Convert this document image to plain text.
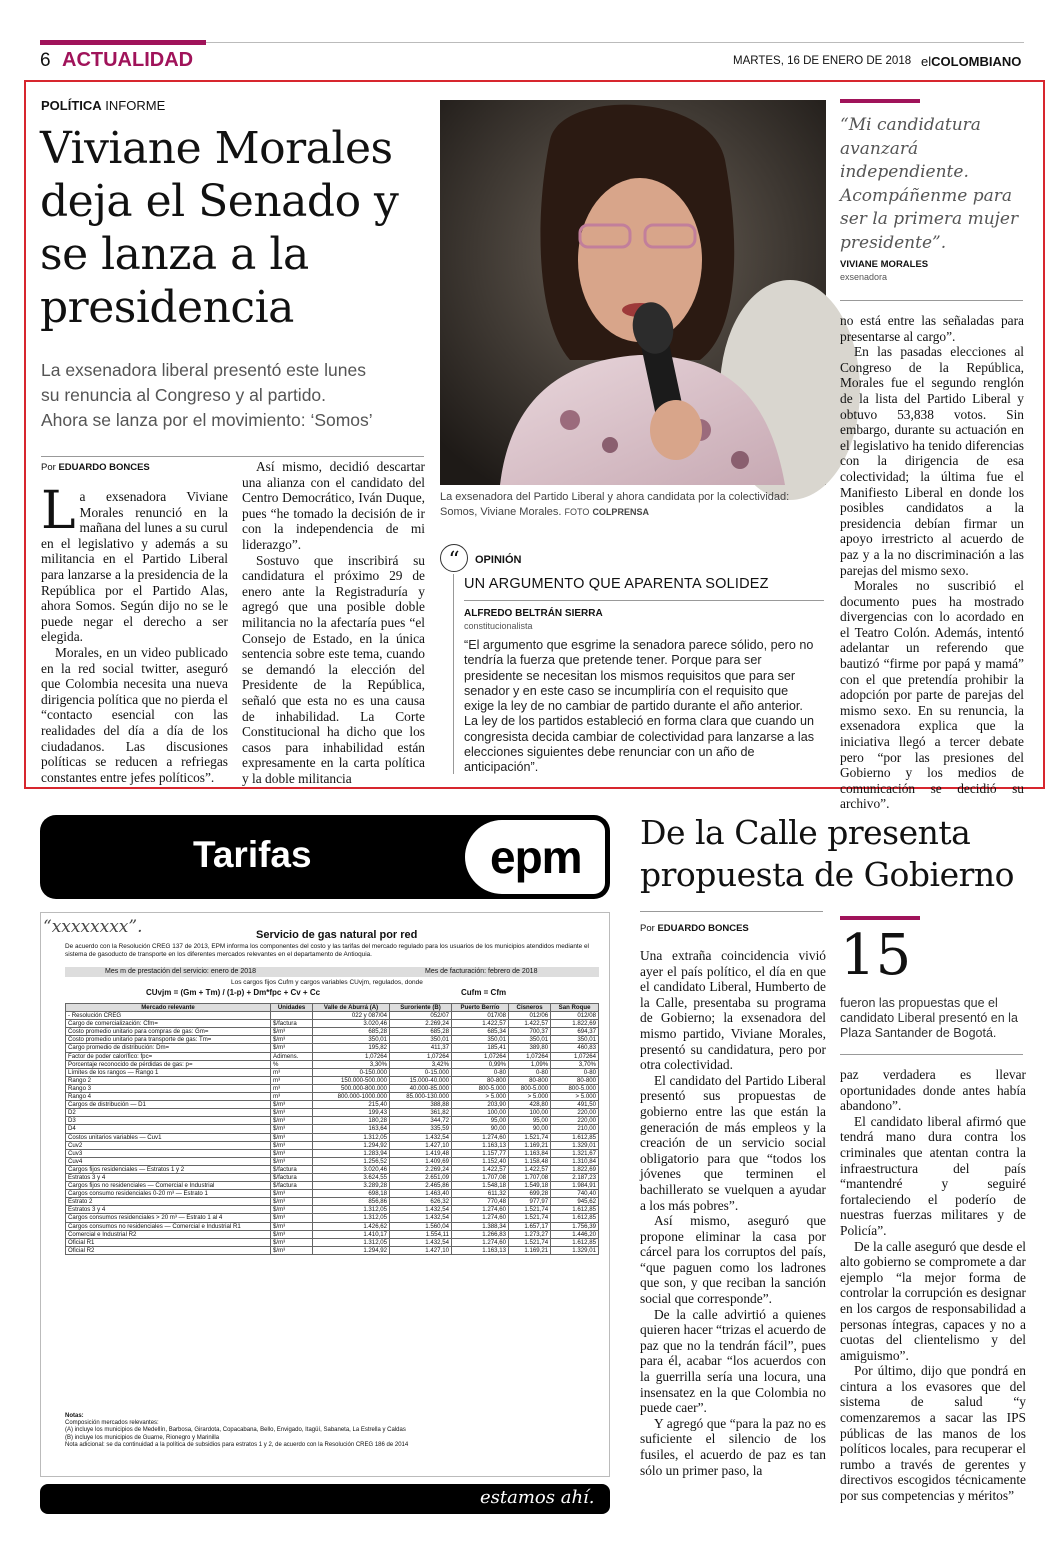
6 ACTUALIDAD	MARTES, 16 DE ENERO DE 2018 elCOLOMBIANO
POLÍTICA INFORME
Viviane Morales
deja el Senado y
se lanza a la
presidencia
La exsenadora liberal presentó este lunes
su renuncia al Congreso y al partido.
Ahora se lanza por el movimiento: ‘Somos’
Por EDUARDO BONCES
L a exsenadora Viviane Morales renunció en la mañana del lunes a su curul en el legislativo y además a su militancia en el Partido Liberal para lanzarse a la presidencia de la República por el Partido Alas, ahora Somos. Según dijo no se le puede negar el derecho a ser elegida.

Morales, en un video publicado en la red social twitter, aseguró que Colombia necesita una nueva dirigencia política que no pierda el “contacto esencial con las realidades del día a día de los ciudadanos. Las discusiones políticas se reducen a refriegas constantes entre jefes políticos”.

Así mismo, decidió descartar una alianza con el candidato del Centro Democrático, Iván Duque, pues “he tomado la decisión de ir con la independencia de mi liderazgo”.

Sostuvo que inscribirá su candidatura el próximo 29 de enero ante la Registraduría y agregó que una posible doble militancia no la afectaría pues “el Consejo de Estado, en la única sentencia sobre este tema, cuando se demandó la elección del Presidente de la República, señaló que esta no es una causa de inhabilidad. La Corte Constitucional ha dicho que los casos para inhabilidad están expresamente en la carta política y la doble militancia

La exsenadora del Partido Liberal y ahora candidata por la colectividad: Somos, Viviane Morales. FOTO COLPRENSA
“	OPINIÓN
UN ARGUMENTO QUE APARENTA SOLIDEZ
ALFREDO BELTRÁN SIERRA
constitucionalista
“El argumento que esgrime la senadora parece sólido, pero no tendría la fuerza que pretende tener. Porque para ser presidente se necesitan los mismos requisitos que para ser senador y en este caso se incumpliría con el requisito que exige la ley de no cambiar de partido durante el año anterior. La ley de los partidos estableció en forma clara que cuando un congresista decida cambiar de colectividad para lanzarse a las elecciones siguientes debe renunciar con un año de anticipación”.
“Mi candidatura
avanzará
independiente.
Acompáñenme para
ser la primera mujer
presidente”.
VIVIANE MORALES
exsenadora

no está entre las señaladas para presentarse al cargo”.

En las pasadas elecciones al Congreso de la República, Morales fue el segundo renglón de la lista del Partido Liberal y obtuvo 53,838 votos. Sin embargo, durante su actuación en el legislativo ha tenido diferencias con la dirigencia de esa colectividad; la última fue el Manifiesto Liberal en donde los posibles candidatos a la presidencia debían firmar un apoyo irrestricto al acuerdo de paz y a la no discriminación a las parejas del mismo sexo.

Morales no suscribió el documento pues ha mostrado divergencias con lo acordado en el Teatro Colón. Además, intentó adelantar un referendo que bautizó “firme por papá y mamá” con el que pretendía prohibir la adopción por parte de parejas del mismo sexo. En su renuncia, la exsenadora explica que la iniciativa llegó a tercer debate pero “por las presiones del Gobierno y los medios de comunicación se decidió su archivo”.

Tarifas	epm
“xxxxxxxx”.	Servicio de gas natural por red
De acuerdo con la Resolución CREG 137 de 2013, EPM informa los componentes del costo y las tarifas del mercado regulado para los usuarios de los municipios atendidos mediante el sistema de gasoducto de transporte en los diferentes mercados relevantes en el departamento de Antioquia.
Mes m de prestación del servicio: enero de 2018	Mes de facturación: febrero de 2018
Los cargos fijos Cufm y cargos variables CUvjm, regulados, donde
CUvjm = (Gm + Tm) / (1-p) + Dm*fpc + Cv + Cc	Cufm = Cfm
Mercado relevante	Unidades	Valle de Aburrá (A)	Suroriente (B)	Puerto Berrío	Cisneros	San Roque
- Resolución CREG		022 y 087/04	052/07	017/08	012/06	012/08
Cargo de comercialización: Cfm=	$/factura	3.020,46	2.269,24	1.422,57	1.422,57	1.822,69
Costo promedio unitario para compras de gas: Gm=	$/m³	685,28	685,28	685,34	700,37	694,37
Costo promedio unitario para transporte de gas: Tm=	$/m³	350,01	350,01	350,01	350,01	350,01
Cargo promedio de distribución: Dm=	$/m³	195,82	411,37	185,41	389,80	460,83
Factor de poder calorífico: fpc=	Adimens.	1,07264	1,07264	1,07264	1,07264	1,07264
Porcentaje reconocido de pérdidas de gas: p=	%	3,30%	3,42%	0,99%	1,09%	3,70%
Límites de los rangos — Rango 1	m³	0-150.000	0-15.000	0-80	0-80	0-80
Rango 2	m³	150.000-500.000	15.000-40.000	80-800	80-800	80-800
Rango 3	m³	500.000-800.000	40.000-85.000	800-5.000	800-5.000	800-5.000
Rango 4	m³	800.000-1000.000	85.000-130.000	> 5.000	> 5.000	> 5.000
Cargos de distribución — D1	$/m³	215,40	388,88	203,90	428,80	491,50
D2	$/m³	199,43	361,82	100,00	100,00	220,00
D3	$/m³	180,28	344,72	95,00	95,00	220,00
D4	$/m³	163,64	335,59	90,00	90,00	210,00
Costos unitarios variables — Cuv1	$/m³	1.312,05	1.432,54	1.274,60	1.521,74	1.612,85
Cuv2	$/m³	1.294,92	1.427,10	1.163,13	1.169,21	1.329,01
Cuv3	$/m³	1.283,94	1.419,48	1.157,77	1.163,84	1.321,67
Cuv4	$/m³	1.256,52	1.409,69	1.152,40	1.158,48	1.310,84
Cargos fijos residenciales — Estratos 1 y 2	$/factura	3.020,46	2.269,24	1.422,57	1.422,57	1.822,69
Estratos 3 y 4	$/factura	3.624,55	2.651,09	1.707,08	1.707,08	2.187,23
Cargos fijos no residenciales — Comercial e Industrial	$/factura	3.289,28	2.465,86	1.548,18	1.549,18	1.984,91
Cargos consumo residenciales 0-20 m³ — Estrato 1	$/m³	698,18	1.463,40	611,32	699,28	740,40
Estrato 2	$/m³	856,86	626,32	770,48	977,97	945,62
Estratos 3 y 4	$/m³	1.312,05	1.432,54	1.274,60	1.521,74	1.612,85
Cargos consumos residenciales > 20 m³ — Estrato 1 al 4	$/m³	1.312,05	1.432,54	1.274,60	1.521,74	1.612,85
Cargos consumos no residenciales — Comercial e Industrial R1	$/m³	1.426,62	1.560,04	1.388,34	1.657,17	1.756,39
Comercial e Industrial R2	$/m³	1.410,17	1.554,11	1.266,83	1.273,27	1.446,20
Oficial R1	$/m³	1.312,05	1.432,54	1.274,60	1.521,74	1.612,85
Oficial R2	$/m³	1.294,92	1.427,10	1.163,13	1.169,21	1.329,01
Notas:
Composición mercados relevantes:
(A) incluye los municipios de Medellín, Barbosa, Girardota, Copacabana, Bello, Envigado, Itagüí, Sabaneta, La Estrella y Caldas
(B) incluye los municipios de Guarne, Rionegro y Marinilla
Nota adicional: se da continuidad a la política de subsidios para estratos 1 y 2, de acuerdo con la Resolución CREG 186 de 2014
estamos ahí.
De la Calle presenta
propuesta de Gobierno
Por EDUARDO BONCES

Una extraña coincidencia vivió ayer el país político, el día en que el candidato Liberal, Humberto de la Calle, presentaba su programa de Gobierno; la exsenadora del mismo partido, Viviane Morales, presentó su candidatura, pero por otra colectividad.

El candidato del Partido Liberal presentó sus propuestas de gobierno entre las que están la generación de más empleos y la creación de un servicio social obligatorio para que “todos los jóvenes que terminen el bachillerato se vuelquen a ayudar a los más pobres”.

Así mismo, aseguró que propone eliminar la casa por cárcel para los corruptos del país, “que paguen como los ladrones que son, y que reciban la sanción social que corresponde”.

De la calle advirtió a quienes quieren hacer “trizas el acuerdo de paz que no la tendrán fácil”, pues para él, acabar “los acuerdos con la guerrilla sería una locura, una insensatez en la que Colombia no puede caer”.

Y agregó que “para la paz no es suficiente el silencio de los fusiles, el acuerdo de paz es tan sólo un primer paso, la

15
fueron las propuestas que el candidato Liberal presentó en la Plaza Santander de Bogotá.

paz verdadera es llevar oportunidades donde antes había abandono”.

El candidato liberal afirmó que tendrá mano dura contra los criminales que atentan contra la infraestructura del país “mantendré y seguiré fortaleciendo el poderío de nuestras fuerzas militares y de Policía”.

De la calle aseguró que desde el alto gobierno se compromete a dar ejemplo “la mejor forma de controlar la corrupción es designar en los cargos de responsabilidad a personas íntegras, capaces y no a cuotas del clientelismo y del amiguismo”.

Por último, dijo que pondrá en cintura a los evasores que del sistema de salud “y comenzaremos a sacar las IPS públicas de las manos de los políticos locales, para recuperar el rumbo a través de gerentes y directivos escogidos técnicamente por sus competencias y méritos”
